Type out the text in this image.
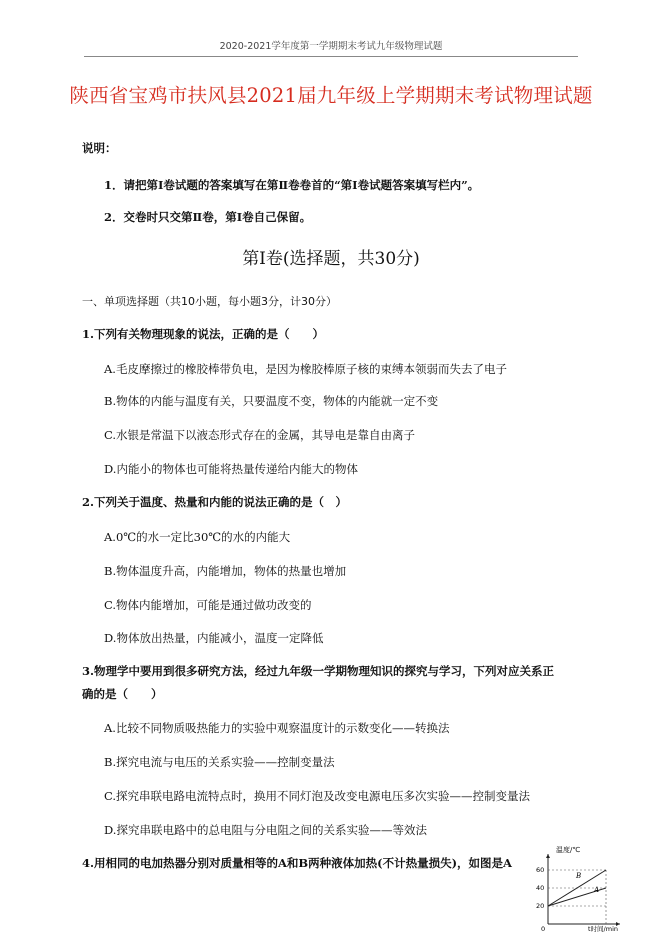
2020-2021学年度第一学期期末考试九年级物理试题
陕西省宝鸡市扶风县2021届九年级上学期期末考试物理试题
说明：
1．请把第Ⅰ卷试题的答案填写在第Ⅱ卷卷首的“第Ⅰ卷试题答案填写栏内”。
2．交卷时只交第Ⅱ卷，第Ⅰ卷自己保留。
第Ⅰ卷(选择题，共30分)
一、单项选择题（共10小题，每小题3分，计30分）
1.下列有关物理现象的说法，正确的是（　　）
A.毛皮摩擦过的橡胶棒带负电，是因为橡胶棒原子核的束缚本领弱而失去了电子
B.物体的内能与温度有关，只要温度不变，物体的内能就一定不变
C.水银是常温下以液态形式存在的金属，其导电是靠自由离子
D.内能小的物体也可能将热量传递给内能大的物体
2.下列关于温度、热量和内能的说法正确的是（　）
A.0℃的水一定比30℃的水的内能大
B.物体温度升高，内能增加，物体的热量也增加
C.物体内能增加，可能是通过做功改变的
D.物体放出热量，内能减小，温度一定降低
3.物理学中要用到很多研究方法，经过九年级一学期物理知识的探究与学习，下列对应关系正
确的是（　　）
A.比较不同物质吸热能力的实验中观察温度计的示数变化——转换法
B.探究电流与电压的关系实验——控制变量法
C.探究串联电路电流特点时，换用不同灯泡及改变电源电压多次实验——控制变量法
D.探究串联电路中的总电阻与分电阻之间的关系实验——等效法
4.用相同的电加热器分别对质量相等的A和B两种液体加热(不计热量损失)，如图是A
温度/℃
60
40
20
0	t时间/min
B
A
